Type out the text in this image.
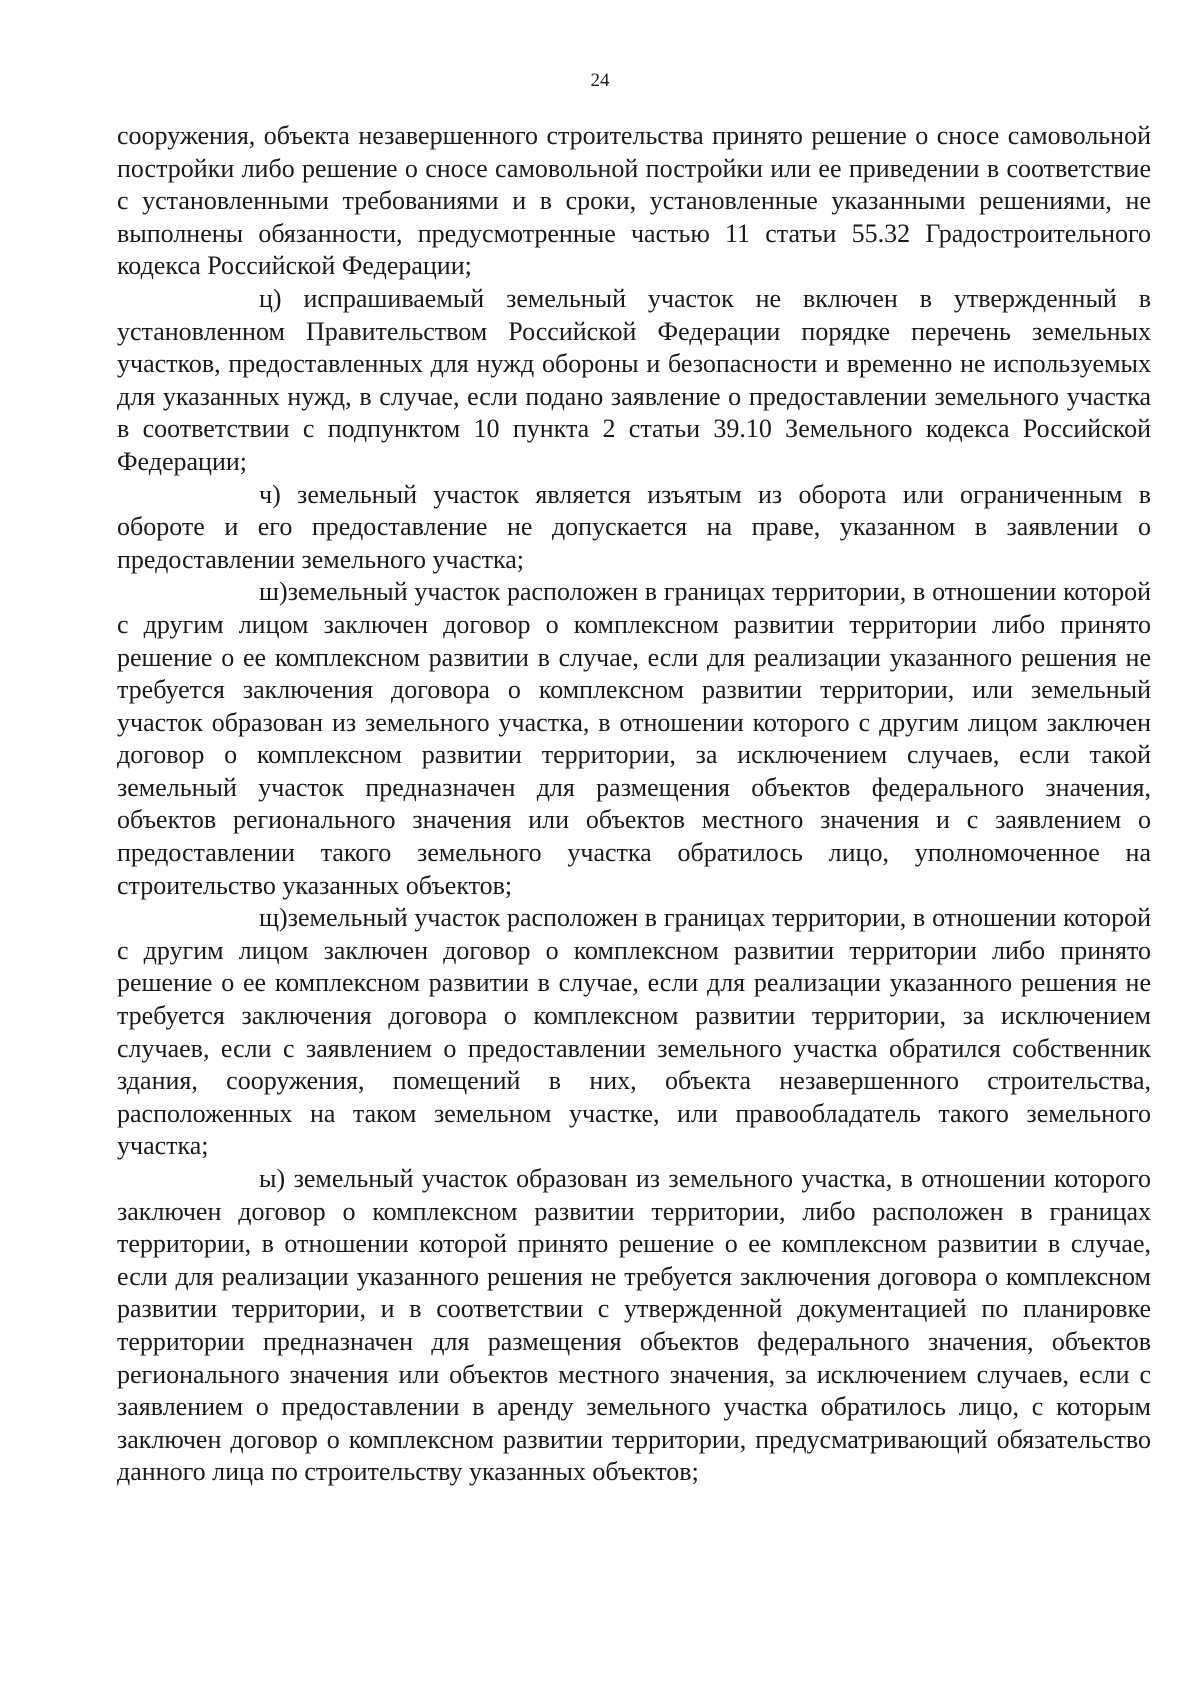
24

сооружения, объекта незавершенного строительства принято решение о сносе самовольной постройки либо решение о сносе самовольной постройки или ее приведении в соответствие с установленными требованиями и в сроки, установленные указанными решениями, не выполнены обязанности, предусмотренные частью 11 статьи 55.32 Градостроительного кодекса Российской Федерации;

ц) испрашиваемый земельный участок не включен в утвержденный в установленном Правительством Российской Федерации порядке перечень земельных участков, предоставленных для нужд обороны и безопасности и временно не используемых для указанных нужд, в случае, если подано заявление о предоставлении земельного участка в соответствии с подпунктом 10 пункта 2 статьи 39.10 Земельного кодекса Российской Федерации;

ч) земельный участок является изъятым из оборота или ограниченным в обороте и его предоставление не допускается на праве, указанном в заявлении о предоставлении земельного участка;

ш)земельный участок расположен в границах территории, в отношении которой с другим лицом заключен договор о комплексном развитии территории либо принято решение о ее комплексном развитии в случае, если для реализации указанного решения не требуется заключения договора о комплексном развитии территории, или земельный участок образован из земельного участка, в отношении которого с другим лицом заключен договор о комплексном развитии территории, за исключением случаев, если такой земельный участок предназначен для размещения объектов федерального значения, объектов регионального значения или объектов местного значения и с заявлением о предоставлении такого земельного участка обратилось лицо, уполномоченное на строительство указанных объектов;

щ)земельный участок расположен в границах территории, в отношении которой с другим лицом заключен договор о комплексном развитии территории либо принято решение о ее комплексном развитии в случае, если для реализации указанного решения не требуется заключения договора о комплексном развитии территории, за исключением случаев, если с заявлением о предоставлении земельного участка обратился собственник здания, сооружения, помещений в них, объекта незавершенного строительства, расположенных на таком земельном участке, или правообладатель такого земельного участка;

ы) земельный участок образован из земельного участка, в отношении которого заключен договор о комплексном развитии территории, либо расположен в границах территории, в отношении которой принято решение о ее комплексном развитии в случае, если для реализации указанного решения не требуется заключения договора о комплексном развитии территории, и в соответствии с утвержденной документацией по планировке территории предназначен для размещения объектов федерального значения, объектов регионального значения или объектов местного значения, за исключением случаев, если с заявлением о предоставлении в аренду земельного участка обратилось лицо, с которым заключен договор о комплексном развитии территории, предусматривающий обязательство данного лица по строительству указанных объектов;
